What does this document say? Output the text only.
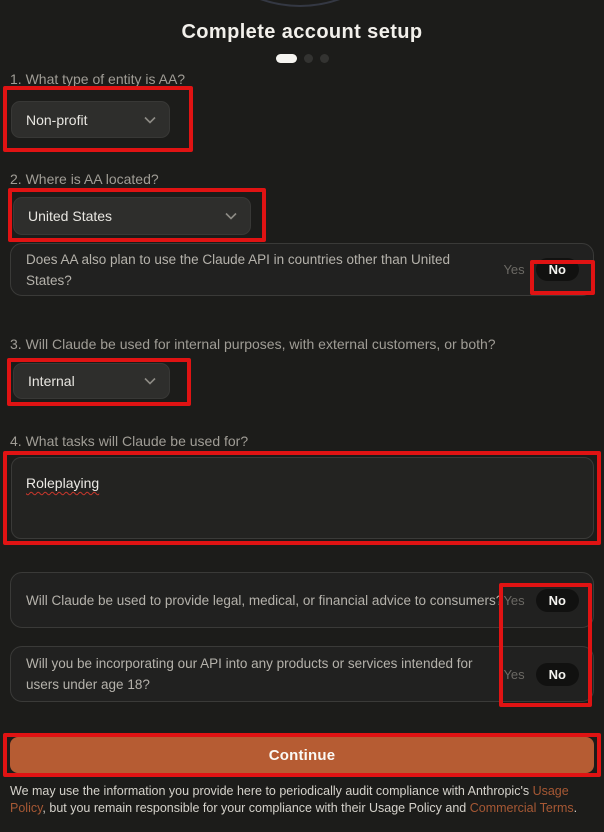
Complete account setup
1. What type of entity is AA?
Non-profit
2. Where is AA located?
United States
Does AA also plan to use the Claude API in countries other than United States?
Yes	No
3. Will Claude be used for internal purposes, with external customers, or both?
Internal
4. What tasks will Claude be used for?
Roleplaying
Will Claude be used to provide legal, medical, or financial advice to consumers? Yes	No
Will you be incorporating our API into any products or services intended for users under age 18?
Yes	No
Continue
We may use the information you provide here to periodically audit compliance with Anthropic's Usage Policy, but you remain responsible for your compliance with their Usage Policy and Commercial Terms.
